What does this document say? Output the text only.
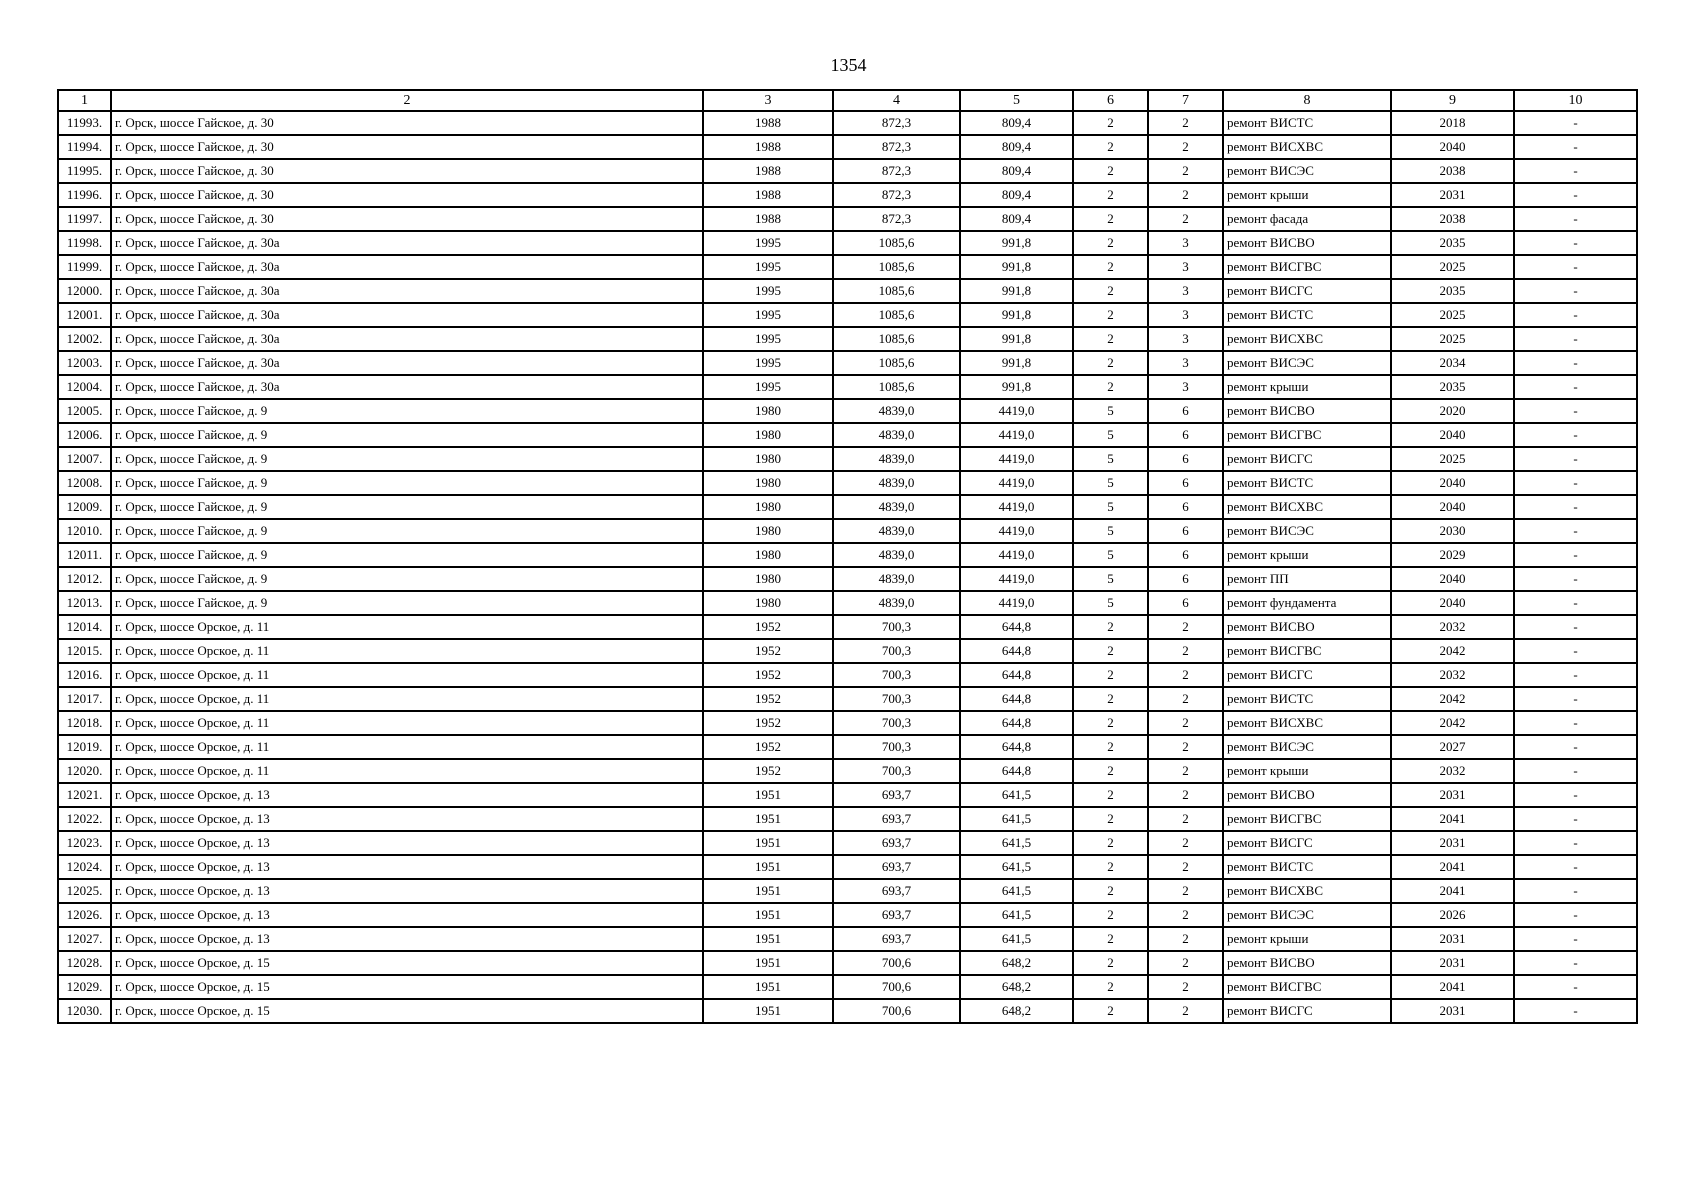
1354
1	2	3	4	5	6	7	8	9	10
11993.	г. Орск, шоссе Гайское, д. 30	1988	872,3	809,4	2	2	ремонт ВИСТС	2018	-
11994.	г. Орск, шоссе Гайское, д. 30	1988	872,3	809,4	2	2	ремонт ВИСХВС	2040	-
11995.	г. Орск, шоссе Гайское, д. 30	1988	872,3	809,4	2	2	ремонт ВИСЭС	2038	-
11996.	г. Орск, шоссе Гайское, д. 30	1988	872,3	809,4	2	2	ремонт крыши	2031	-
11997.	г. Орск, шоссе Гайское, д. 30	1988	872,3	809,4	2	2	ремонт фасада	2038	-
11998.	г. Орск, шоссе Гайское, д. 30а	1995	1085,6	991,8	2	3	ремонт ВИСВО	2035	-
11999.	г. Орск, шоссе Гайское, д. 30а	1995	1085,6	991,8	2	3	ремонт ВИСГВС	2025	-
12000.	г. Орск, шоссе Гайское, д. 30а	1995	1085,6	991,8	2	3	ремонт ВИСГС	2035	-
12001.	г. Орск, шоссе Гайское, д. 30а	1995	1085,6	991,8	2	3	ремонт ВИСТС	2025	-
12002.	г. Орск, шоссе Гайское, д. 30а	1995	1085,6	991,8	2	3	ремонт ВИСХВС	2025	-
12003.	г. Орск, шоссе Гайское, д. 30а	1995	1085,6	991,8	2	3	ремонт ВИСЭС	2034	-
12004.	г. Орск, шоссе Гайское, д. 30а	1995	1085,6	991,8	2	3	ремонт крыши	2035	-
12005.	г. Орск, шоссе Гайское, д. 9	1980	4839,0	4419,0	5	6	ремонт ВИСВО	2020	-
12006.	г. Орск, шоссе Гайское, д. 9	1980	4839,0	4419,0	5	6	ремонт ВИСГВС	2040	-
12007.	г. Орск, шоссе Гайское, д. 9	1980	4839,0	4419,0	5	6	ремонт ВИСГС	2025	-
12008.	г. Орск, шоссе Гайское, д. 9	1980	4839,0	4419,0	5	6	ремонт ВИСТС	2040	-
12009.	г. Орск, шоссе Гайское, д. 9	1980	4839,0	4419,0	5	6	ремонт ВИСХВС	2040	-
12010.	г. Орск, шоссе Гайское, д. 9	1980	4839,0	4419,0	5	6	ремонт ВИСЭС	2030	-
12011.	г. Орск, шоссе Гайское, д. 9	1980	4839,0	4419,0	5	6	ремонт крыши	2029	-
12012.	г. Орск, шоссе Гайское, д. 9	1980	4839,0	4419,0	5	6	ремонт ПП	2040	-
12013.	г. Орск, шоссе Гайское, д. 9	1980	4839,0	4419,0	5	6	ремонт фундамента	2040	-
12014.	г. Орск, шоссе Орское, д. 11	1952	700,3	644,8	2	2	ремонт ВИСВО	2032	-
12015.	г. Орск, шоссе Орское, д. 11	1952	700,3	644,8	2	2	ремонт ВИСГВС	2042	-
12016.	г. Орск, шоссе Орское, д. 11	1952	700,3	644,8	2	2	ремонт ВИСГС	2032	-
12017.	г. Орск, шоссе Орское, д. 11	1952	700,3	644,8	2	2	ремонт ВИСТС	2042	-
12018.	г. Орск, шоссе Орское, д. 11	1952	700,3	644,8	2	2	ремонт ВИСХВС	2042	-
12019.	г. Орск, шоссе Орское, д. 11	1952	700,3	644,8	2	2	ремонт ВИСЭС	2027	-
12020.	г. Орск, шоссе Орское, д. 11	1952	700,3	644,8	2	2	ремонт крыши	2032	-
12021.	г. Орск, шоссе Орское, д. 13	1951	693,7	641,5	2	2	ремонт ВИСВО	2031	-
12022.	г. Орск, шоссе Орское, д. 13	1951	693,7	641,5	2	2	ремонт ВИСГВС	2041	-
12023.	г. Орск, шоссе Орское, д. 13	1951	693,7	641,5	2	2	ремонт ВИСГС	2031	-
12024.	г. Орск, шоссе Орское, д. 13	1951	693,7	641,5	2	2	ремонт ВИСТС	2041	-
12025.	г. Орск, шоссе Орское, д. 13	1951	693,7	641,5	2	2	ремонт ВИСХВС	2041	-
12026.	г. Орск, шоссе Орское, д. 13	1951	693,7	641,5	2	2	ремонт ВИСЭС	2026	-
12027.	г. Орск, шоссе Орское, д. 13	1951	693,7	641,5	2	2	ремонт крыши	2031	-
12028.	г. Орск, шоссе Орское, д. 15	1951	700,6	648,2	2	2	ремонт ВИСВО	2031	-
12029.	г. Орск, шоссе Орское, д. 15	1951	700,6	648,2	2	2	ремонт ВИСГВС	2041	-
12030.	г. Орск, шоссе Орское, д. 15	1951	700,6	648,2	2	2	ремонт ВИСГС	2031	-
